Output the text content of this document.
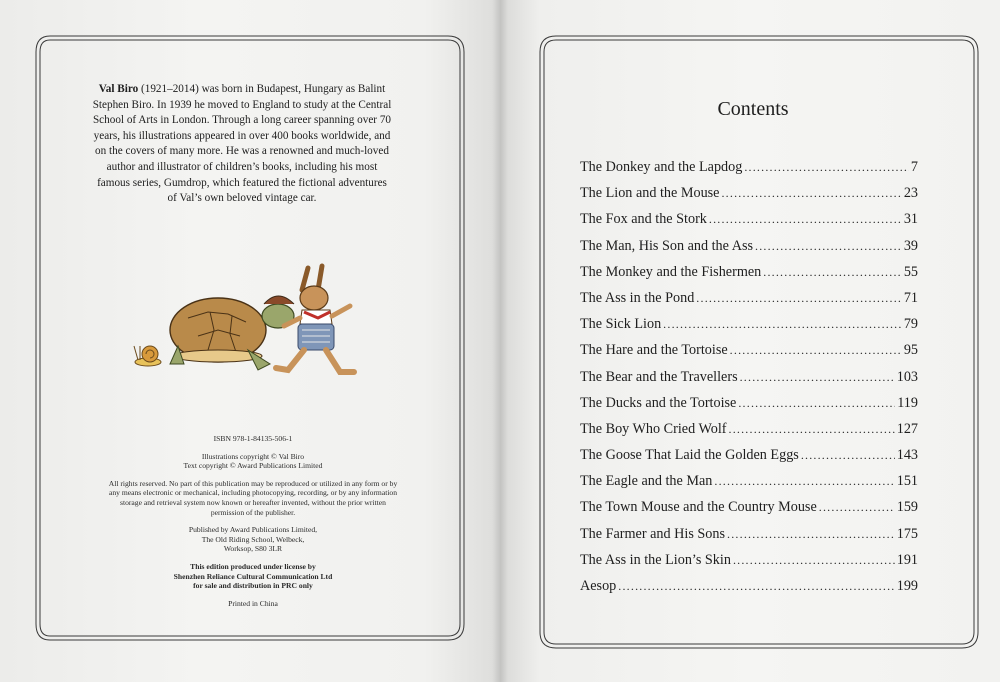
Val Biro (1921–2014) was born in Budapest, Hungary as Balint Stephen Biro. In 1939 he moved to England to study at the Central School of Arts in London. Through a long career spanning over 70 years, his illustrations appeared in over 400 books worldwide, and on the covers of many more. He was a renowned and much-loved author and illustrator of children’s books, including his most famous series, Gumdrop, which featured the fictional adventures of Val’s own beloved vintage car.

ISBN 978-1-84135-506-1

Illustrations copyright © Val Biro
Text copyright © Award Publications Limited

All rights reserved. No part of this publication may be reproduced or utilized in any form or by any means electronic or mechanical, including photocopying, recording, or by any information storage and retrieval system now known or hereafter invented, without the prior written permission of the publisher.

Published by Award Publications Limited,
The Old Riding School, Welbeck,
Worksop, S80 3LR

This edition produced under license by
Shenzhen Reliance Cultural Communication Ltd
for sale and distribution in PRC only

Printed in China

Contents
The Donkey and the Lapdog .....	7
The Lion and the Mouse .....	23
The Fox and the Stork .....	31
The Man, His Son and the Ass .....	39
The Monkey and the Fishermen .....	55
The Ass in the Pond .....	71
The Sick Lion .....	79
The Hare and the Tortoise .....	95
The Bear and the Travellers .....	103
The Ducks and the Tortoise .....	119
The Boy Who Cried Wolf .....	127
The Goose That Laid the Golden Eggs .....	143
The Eagle and the Man .....	151
The Town Mouse and the Country Mouse .....	159
The Farmer and His Sons .....	175
The Ass in the Lion’s Skin .....	191
Aesop .....	199
